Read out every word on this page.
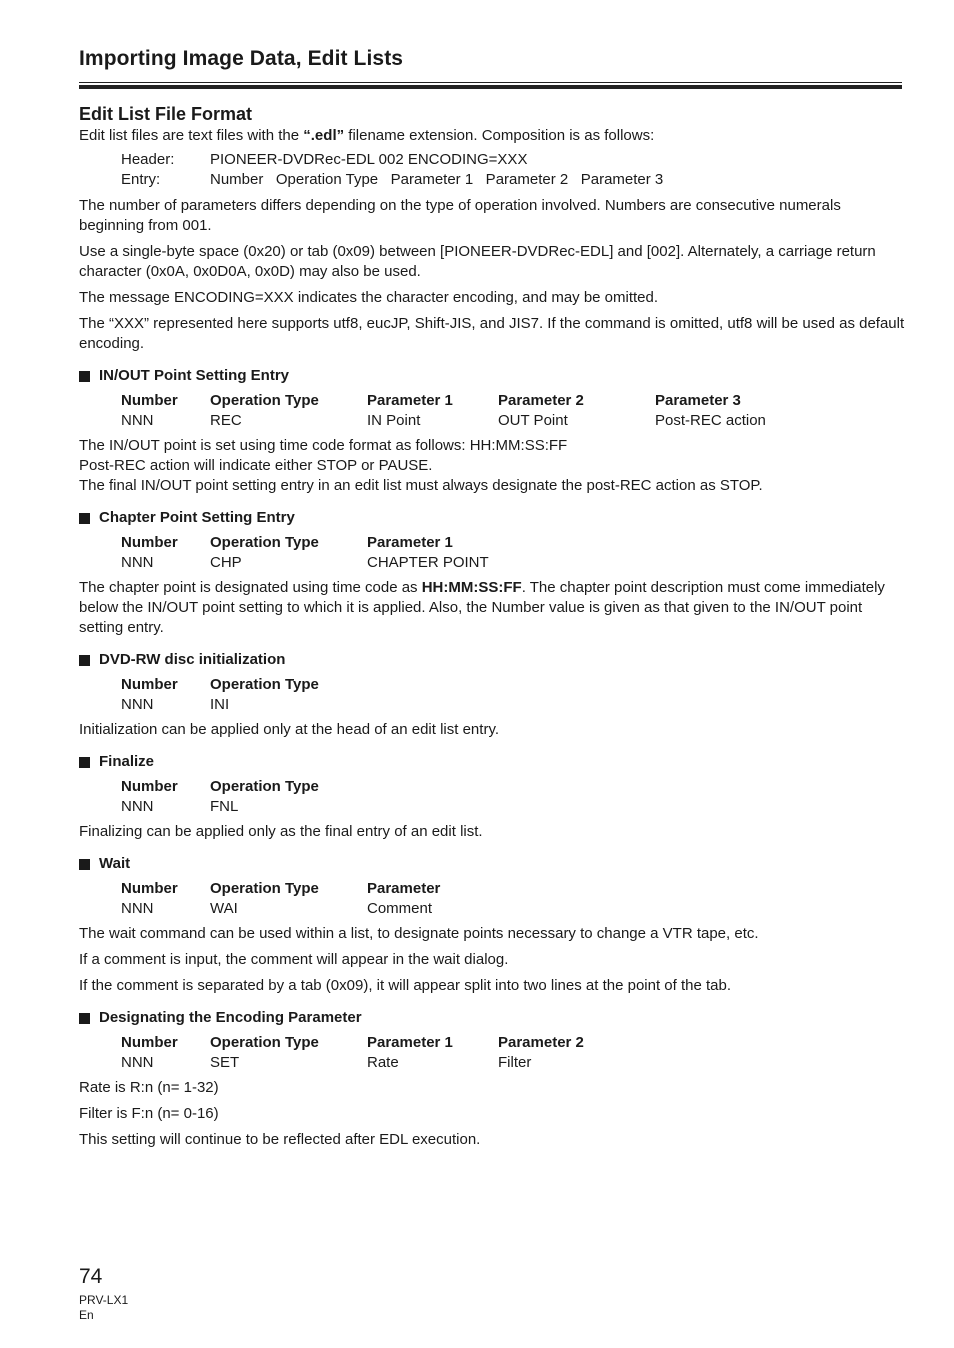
Importing Image Data, Edit Lists
Edit List File Format

Edit list files are text files with the “.edl” filename extension. Composition is as follows:

Header:	PIONEER-DVDRec-EDL 002 ENCODING=XXX
Entry:	Number   Operation Type   Parameter 1   Parameter 2   Parameter 3

The number of parameters differs depending on the type of operation involved. Numbers are consecutive numerals beginning from 001.

Use a single-byte space (0x20) or tab (0x09) between [PIONEER-DVDRec-EDL] and [002]. Alternately, a carriage return character (0x0A, 0x0D0A, 0x0D) may also be used.

The message ENCODING=XXX indicates the character encoding, and may be omitted.

The “XXX” represented here supports utf8, eucJP, Shift-JIS, and JIS7. If the command is omitted, utf8 will be used as default encoding.

IN/OUT Point Setting Entry
Number	Operation Type	Parameter 1	Parameter 2	Parameter 3
NNN	REC	IN Point	OUT Point	Post-REC action

The IN/OUT point is set using time code format as follows: HH:MM:SS:FF

Post-REC action will indicate either STOP or PAUSE.

The final IN/OUT point setting entry in an edit list must always designate the post-REC action as STOP.

Chapter Point Setting Entry
Number	Operation Type	Parameter 1
NNN	CHP	CHAPTER POINT

The chapter point is designated using time code as HH:MM:SS:FF. The chapter point description must come immediately below the IN/OUT point setting to which it is applied. Also, the Number value is given as that given to the IN/OUT point setting entry.

DVD-RW disc initialization
Number	Operation Type
NNN	INI

Initialization can be applied only at the head of an edit list entry.

Finalize
Number	Operation Type
NNN	FNL

Finalizing can be applied only as the final entry of an edit list.

Wait
Number	Operation Type	Parameter
NNN	WAI	Comment

The wait command can be used within a list, to designate points necessary to change a VTR tape, etc.

If a comment is input, the comment will appear in the wait dialog.

If the comment is separated by a tab (0x09), it will appear split into two lines at the point of the tab.

Designating the Encoding Parameter
Number	Operation Type	Parameter 1	Parameter 2
NNN	SET	Rate	Filter

Rate is R:n (n= 1-32)

Filter is F:n (n= 0-16)

This setting will continue to be reflected after EDL execution.

74
PRV-LX1
En
